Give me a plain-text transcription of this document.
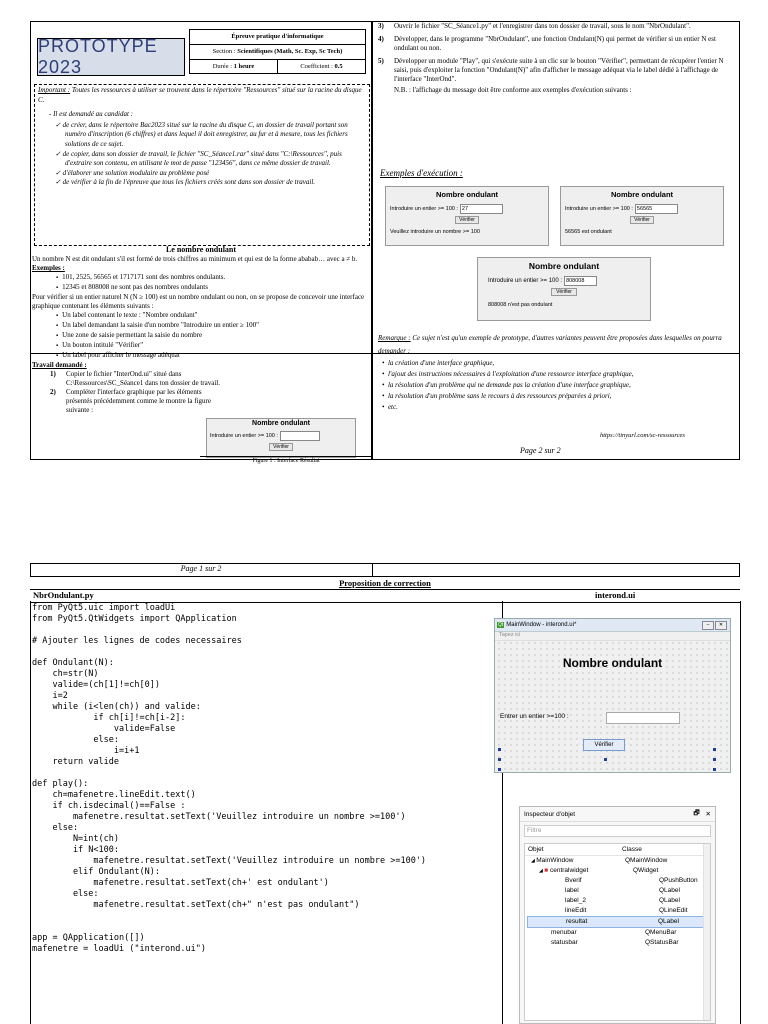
PROTOTYPE 2023
Épreuve pratique d'informatique
Section : Scientifiques (Math, Sc. Exp, Sc Tech)
Durée : 1 heure	Coefficient : 0.5
Important : Toutes les ressources à utiliser se trouvent dans le répertoire "Ressources" situé sur la racine du disque C.
- Il est demandé au candidat :
✓ de créer, dans le répertoire Bac2023 situé sur la racine du disque C, un dossier de travail portant son numéro d'inscription (6 chiffres) et dans lequel il doit enregistrer, au fur et à mesure, tous les fichiers solutions de ce sujet.
✓ de copier, dans son dossier de travail, le fichier "SC_Séance1.rar" situé dans "C:\Ressources", puis d'extraire son contenu, en utilisant le mot de passe "123456", dans ce même dossier de travail.
✓ d'élaborer une solution modulaire au problème posé
✓ de vérifier à la fin de l'épreuve que tous les fichiers créés sont dans son dossier de travail.
Le nombre ondulant
Un nombre N est dit ondulant s'il est formé de trois chiffres au minimum et qui est de la forme ababab… avec a ≠ b.
Exemples :
▪ 101, 2525, 56565 et 1717171 sont des nombres ondulants.
▪ 12345 et 808008 ne sont pas des nombres ondulants
Pour vérifier si un entier naturel N (N ≥ 100) est un nombre ondulant ou non, on se propose de concevoir une interface graphique contenant les éléments suivants :
▪ Un label contenant le texte : "Nombre ondulant"
▪ Un label demandant la saisie d'un nombre "Introduire un entier ≥ 100"
▪ Une zone de saisie permettant la saisie du nombre
▪ Un bouton intitulé "Vérifier"
▪ Un label pour afficher le message adéquat
Travail demandé :
1)	Copier le fichier "InterOnd.ui" situé dans C:\Ressources\SC_Séance1 dans ton dossier de travail.
2)	Compléter l'interface graphique par les éléments présentés précédemment comme le montre la figure suivante :
Nombre ondulant
Introduire un entier >= 100 :
Vérifier
Figure 1 : Interface Résultat
3)	Ouvrir le fichier "SC_Séance1.py" et l'enregistrer dans ton dossier de travail, sous le nom "NbrOndulant".
4)	Développer, dans le programme "NbrOndulant", une fonction Ondulant(N) qui permet de vérifier si un entier N est ondulant ou non.
5)	Développer un module "Play", qui s'exécute suite à un clic sur le bouton "Vérifier", permettant de récupérer l'entier N saisi, puis d'exploiter la fonction "Ondulant(N)" afin d'afficher le message adéquat via le label dédié à l'affichage de l'interface "InterOnd".
N.B. : l'affichage du message doit être conforme aux exemples d'exécution suivants :
Exemples d'exécution :
Nombre ondulant
Introduire un entier >= 100 : 27
Vérifier
Veuillez introduire un nombre >= 100
Nombre ondulant
Introduire un entier >= 100 : 56565
Vérifier
56565 est ondulant
Nombre ondulant
Introduire un entier >= 100 : 808008
Vérifier
808008 n'est pas ondulant
Remarque : Ce sujet n'est qu'un exemple de prototype, d'autres variantes peuvent être proposées dans lesquelles on pourra demander :
•  la création d'une interface graphique,
•  l'ajout des instructions nécessaires à l'exploitation d'une ressource interface graphique,
•  la résolution d'un problème qui ne demande pas la création d'une interface graphique,
•  la résolution d'un problème sans le recours à des ressources préparées à priori,
•  etc.
https://tinyurl.com/sc-ressources
Page 2 sur 2
Page 1 sur 2
Proposition de correction
NbrOndulant.py	interond.ui
from PyQt5.uic import loadUi
from PyQt5.QtWidgets import QApplication
# Ajouter les lignes de codes necessaires
def Ondulant(N):
ch=str(N)
valide=(ch[1]!=ch[0])
i=2
while (i<len(ch)) and valide:
if ch[i]!=ch[i-2]:
valide=False
else:
i=i+1
return valide
def play():
ch=mafenetre.lineEdit.text()
if ch.isdecimal()==False :
mafenetre.resultat.setText('Veuillez introduire un nombre >=100')
else:
N=int(ch)
if N<100:
mafenetre.resultat.setText('Veuillez introduire un nombre >=100')
elif Ondulant(N):
mafenetre.resultat.setText(ch+' est ondulant')
else:
mafenetre.resultat.setText(ch+" n'est pas ondulant")
app = QApplication([])
mafenetre = loadUi ("interond.ui")
Qt MainWindow - interond.ui*	–	✕
Tapez ici
Nombre ondulant
Entrer un entier >=100 :
Vérifier
Inspecteur d'objet	🗗 ✕
Filtre
Objet	Classe
◢ MainWindow	QMainWindow
◢ ■ centralwidget	QWidget
Bverif	QPushButton
label	QLabel
label_2	QLabel
lineEdit	QLineEdit
resultat	QLabel
menubar	QMenuBar
statusbar	QStatusBar
